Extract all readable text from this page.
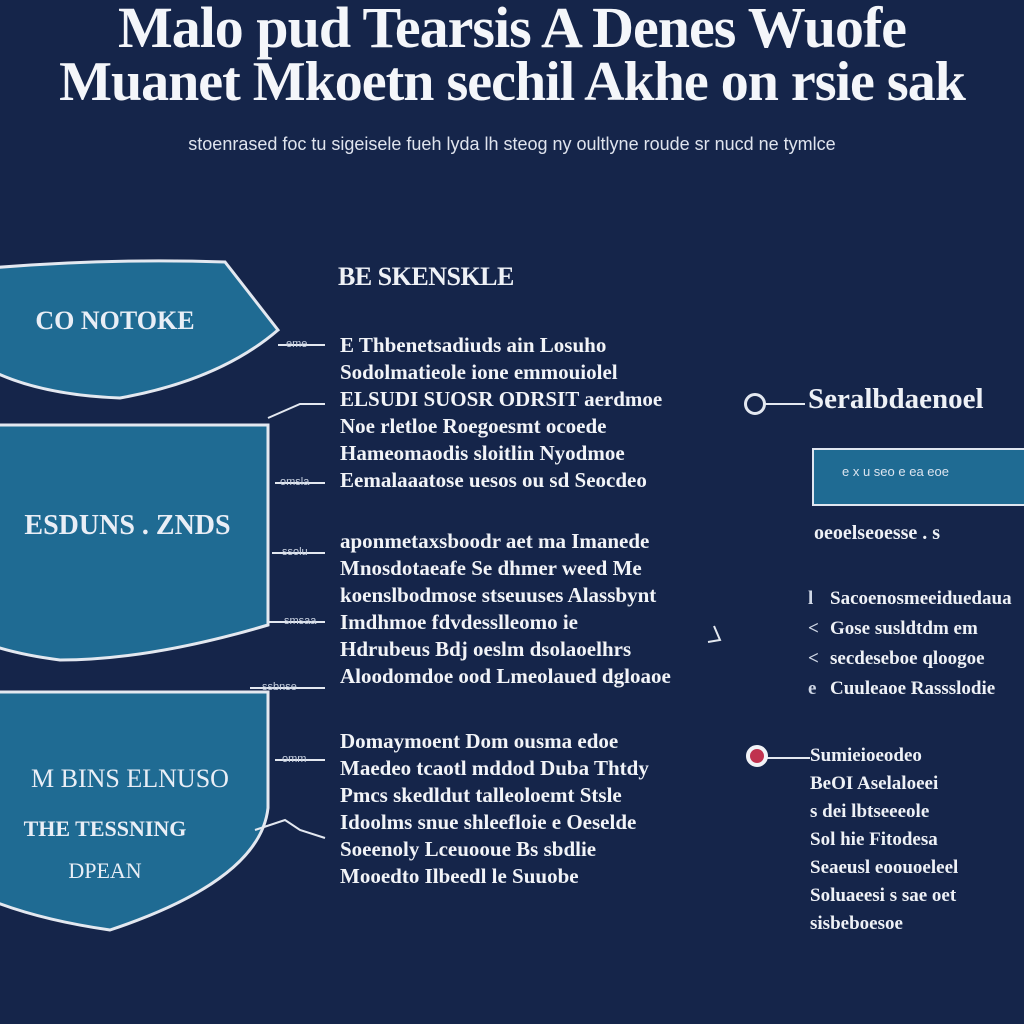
Malo pud Tearsis A Denes Wuofe
Muanet Mkoetn sechil Akhe on rsie sak
stoenrased foc tu sigeisele fueh lyda lh steog ny oultlyne roude sr nucd ne tymlce
CO NOTOKE
ESDUNS . ZNDS
M BINS ELNUSO
THE TESSNING
DPEAN
eme
omsla
ssolu
smsaa
ssbnse
omm
BE SKENSKLE
E Thbenetsadiuds ain Losuho
Sodolmatieole ione emmouiolel
ELSUDI SUOSR ODRSIT aerdmoe
Noe rletloe Roegoesmt ocoede
Hameomaodis sloitlin Nyodmoe
Eemalaaatose uesos ou sd Seocdeo
aponmetaxsboodr aet ma Imanede
Mnosdotaeafe Se dhmer weed Me
koenslbodmose stseuuses Alassbynt
Imdhmoe fdvdesslleomo ie
Hdrubeus Bdj oeslm dsolaoelhrs
Aloodomdoe ood Lmeolaued dgloaoe
Domaymoent Dom ousma edoe
Maedeo tcaotl mddod Duba Thtdy
Pmcs skedldut talleoloemt Stsle
Idoolms snue shleefloie e Oeselde
Soeenoly Lceuooue Bs sbdlie
Mooedto Ilbeedl le Suuobe
Seralbdaenoel
e x u seo e ea eoe
oeoelseoesse . s
l Sacoenosmeeiduedaua
< Gose susldtdm em
< secdeseboe qloogoe
e Cuuleaoe Rassslodie
Sumieioeodeo
BeOI Aselaloeei
s dei lbtseeeole
Sol hie Fitodesa
Seaeusl eoouoeleel
Soluaeesi s sae oet
sisbeboesoe
